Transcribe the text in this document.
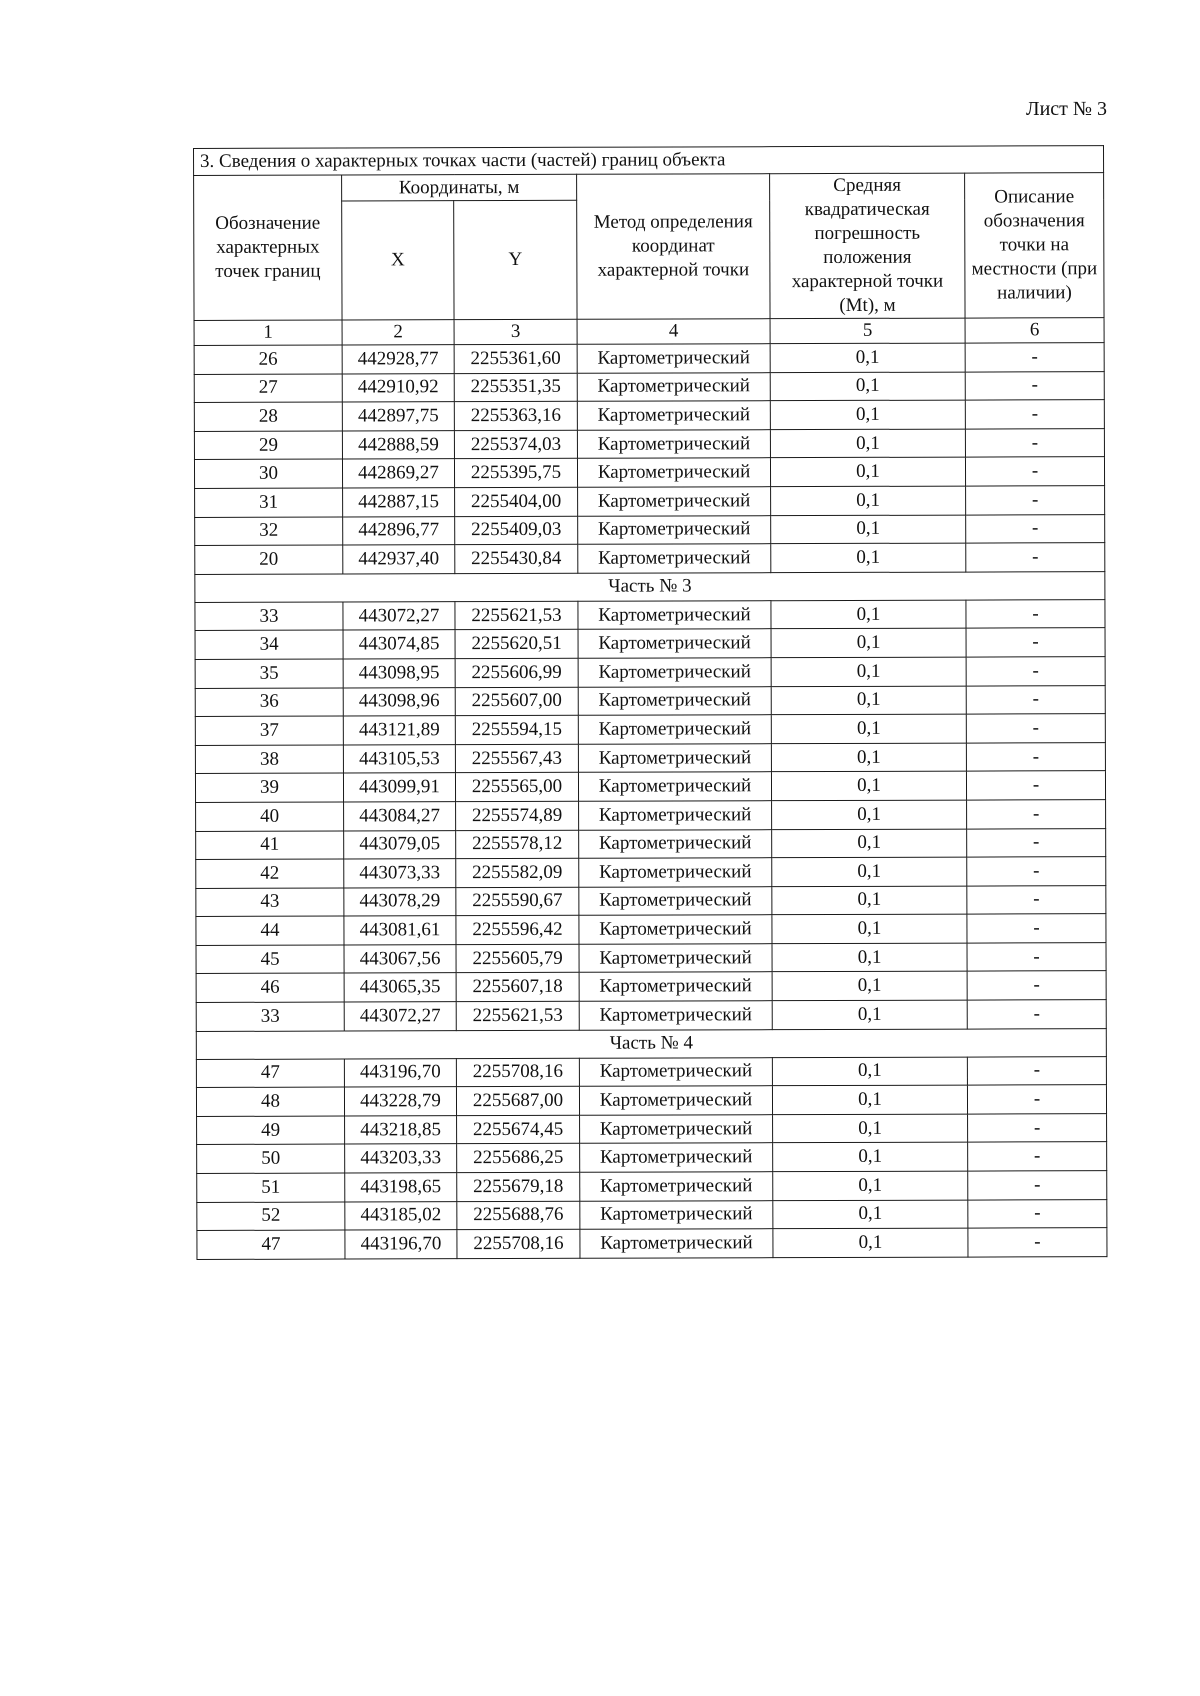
Лист № 3
3. Сведения о характерных точках части (частей) границ объекта					
Обозначение характерных точек границ	Координаты, м		Метод определения координат характерной точки	Средняя квадратическая погрешность положения характерной точки (Mt), м	Описание обозначения точки на местности (при наличии)
	X	Y			
1	2	3	4	5	6
26	442928,77	2255361,60	Картометрический	0,1	-
27	442910,92	2255351,35	Картометрический	0,1	-
28	442897,75	2255363,16	Картометрический	0,1	-
29	442888,59	2255374,03	Картометрический	0,1	-
30	442869,27	2255395,75	Картометрический	0,1	-
31	442887,15	2255404,00	Картометрический	0,1	-
32	442896,77	2255409,03	Картометрический	0,1	-
20	442937,40	2255430,84	Картометрический	0,1	-
Часть № 3					
33	443072,27	2255621,53	Картометрический	0,1	-
34	443074,85	2255620,51	Картометрический	0,1	-
35	443098,95	2255606,99	Картометрический	0,1	-
36	443098,96	2255607,00	Картометрический	0,1	-
37	443121,89	2255594,15	Картометрический	0,1	-
38	443105,53	2255567,43	Картометрический	0,1	-
39	443099,91	2255565,00	Картометрический	0,1	-
40	443084,27	2255574,89	Картометрический	0,1	-
41	443079,05	2255578,12	Картометрический	0,1	-
42	443073,33	2255582,09	Картометрический	0,1	-
43	443078,29	2255590,67	Картометрический	0,1	-
44	443081,61	2255596,42	Картометрический	0,1	-
45	443067,56	2255605,79	Картометрический	0,1	-
46	443065,35	2255607,18	Картометрический	0,1	-
33	443072,27	2255621,53	Картометрический	0,1	-
Часть № 4					
47	443196,70	2255708,16	Картометрический	0,1	-
48	443228,79	2255687,00	Картометрический	0,1	-
49	443218,85	2255674,45	Картометрический	0,1	-
50	443203,33	2255686,25	Картометрический	0,1	-
51	443198,65	2255679,18	Картометрический	0,1	-
52	443185,02	2255688,76	Картометрический	0,1	-
47	443196,70	2255708,16	Картометрический	0,1	-
